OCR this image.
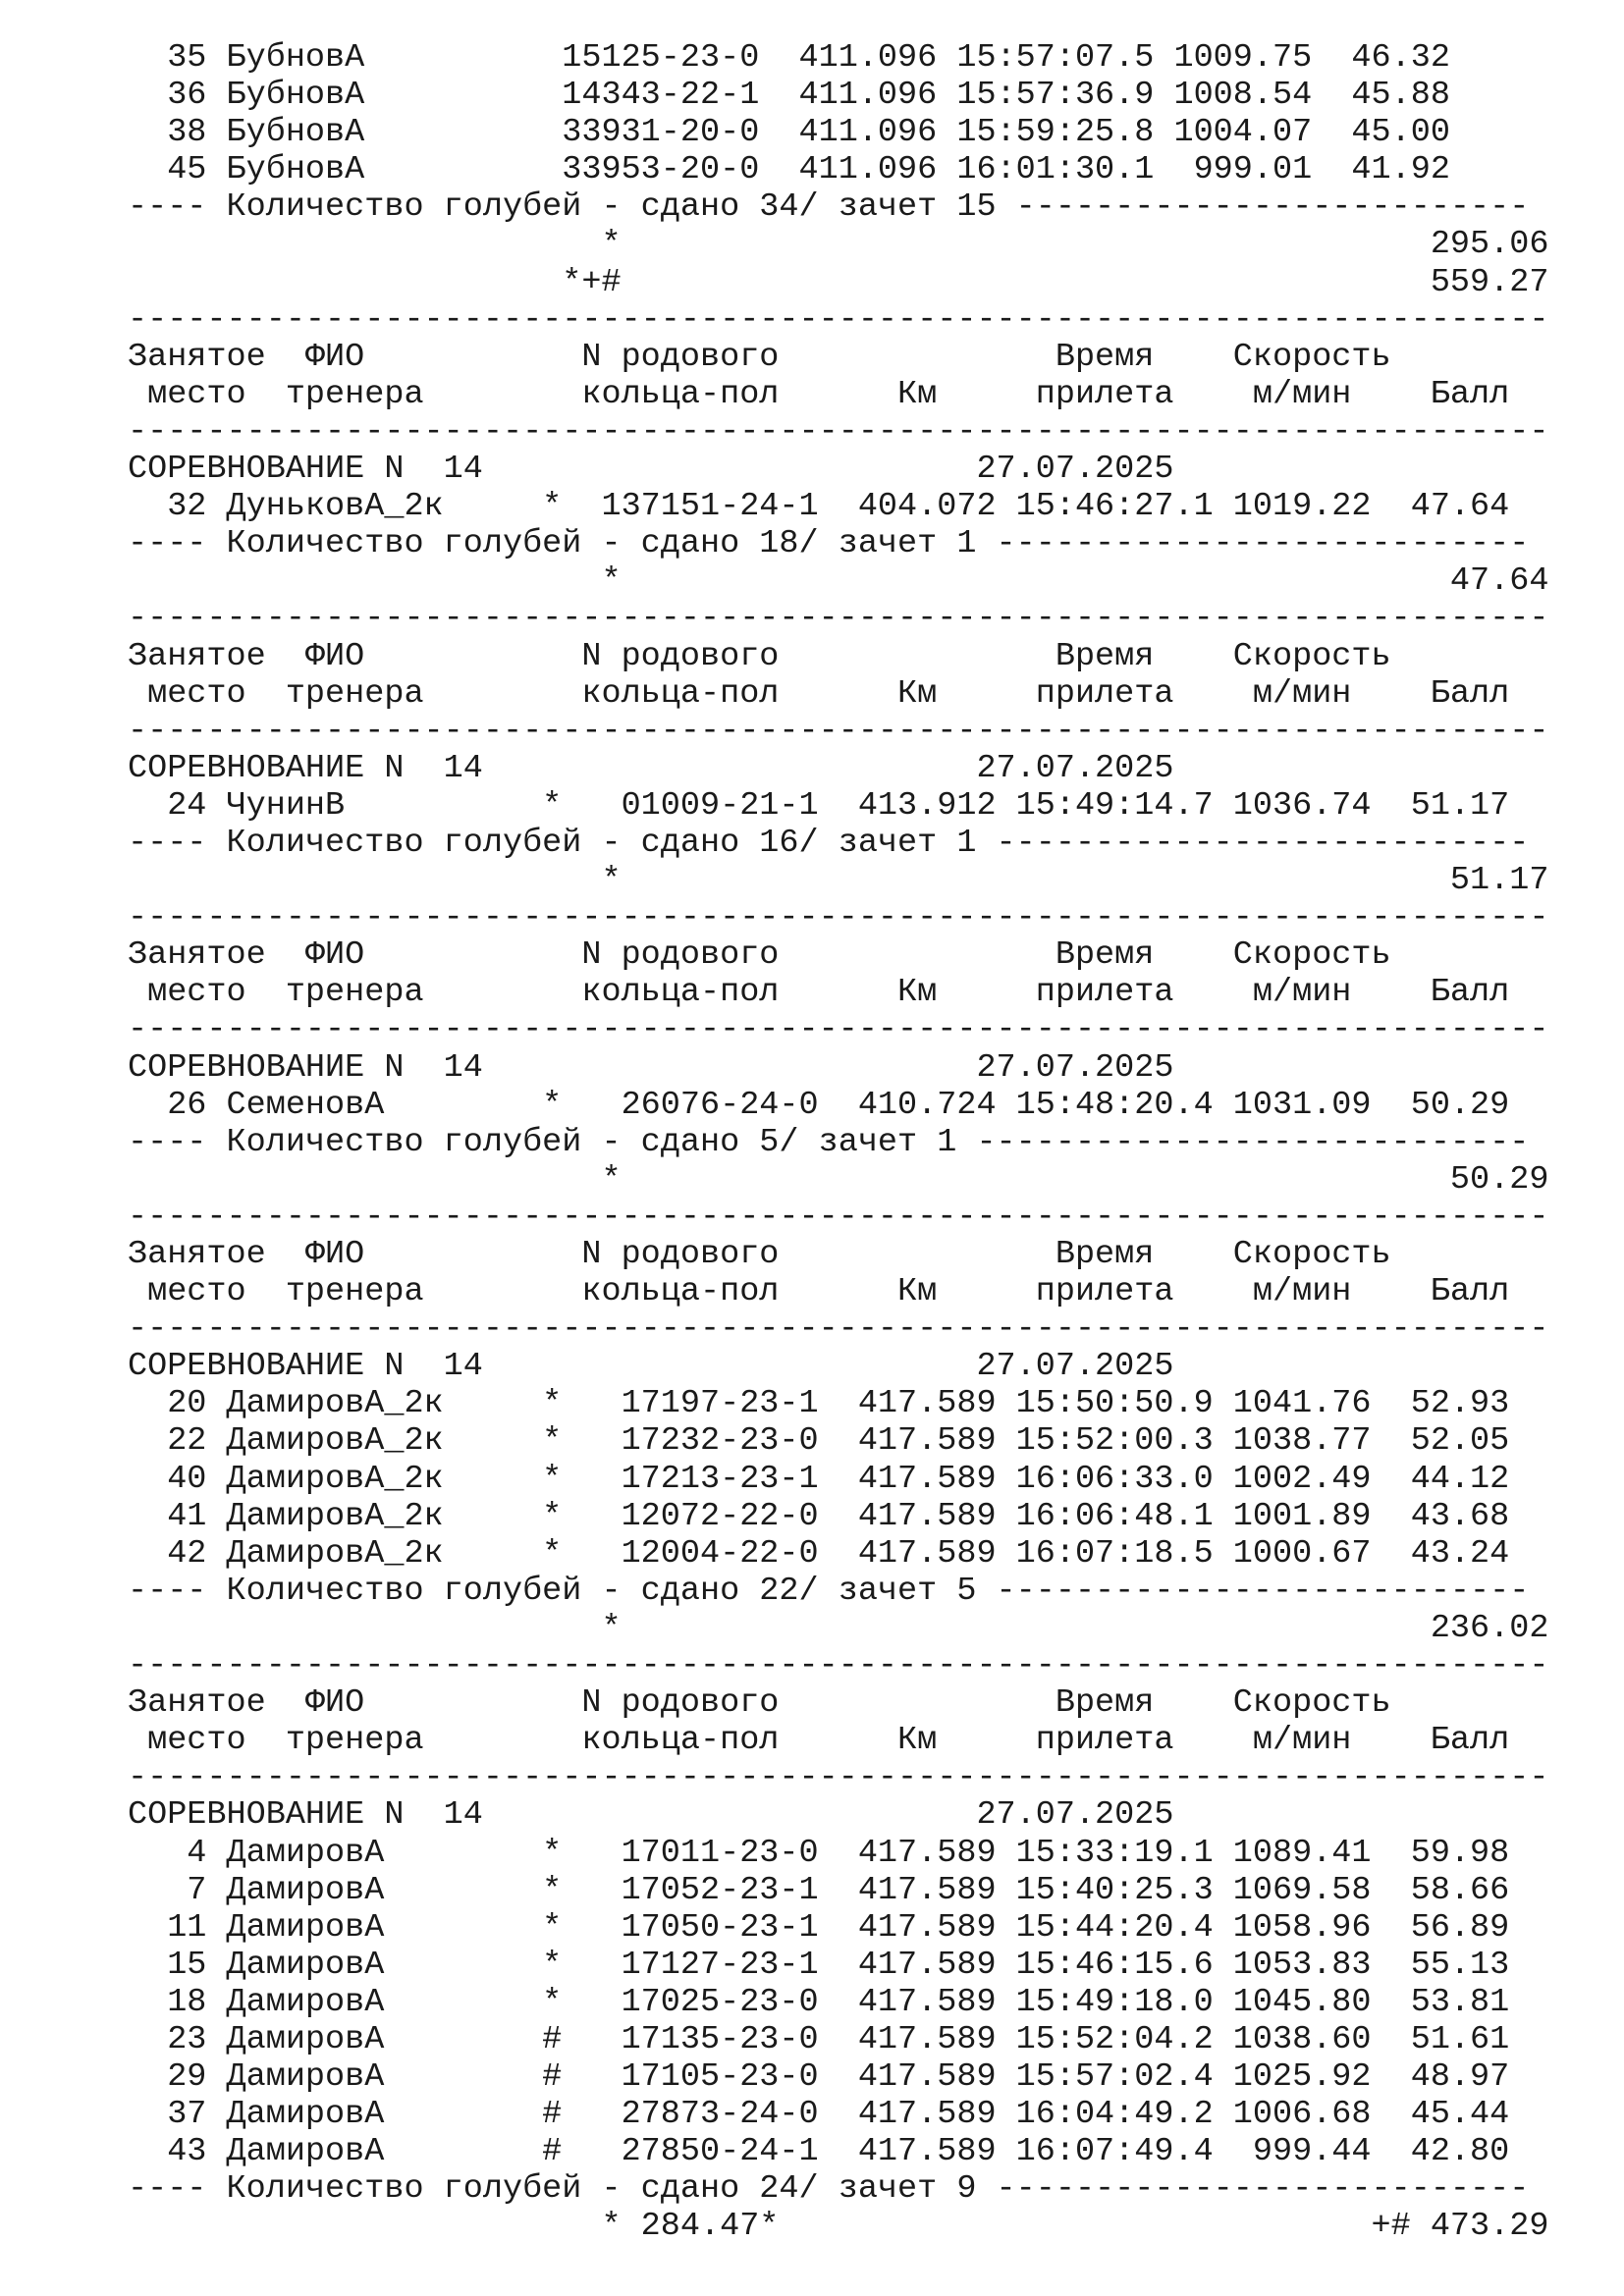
35 БубновА          15125-23-0  411.096 15:57:07.5 1009.75  46.32
36 БубновА          14343-22-1  411.096 15:57:36.9 1008.54  45.88
38 БубновА          33931-20-0  411.096 15:59:25.8 1004.07  45.00
45 БубновА          33953-20-0  411.096 16:01:30.1  999.01  41.92
---- Количество голубей - сдано 34/ зачет 15 --------------------------
*                                         295.06
*+#                                         559.27
------------------------------------------------------------------------
Занятое  ФИО           N родового              Время    Скорость
место  тренера        кольца-пол      Км     прилета    м/мин    Балл
------------------------------------------------------------------------
СОРЕВНОВАНИЕ N  14                         27.07.2025
32 ДуньковА_2к     *  137151-24-1  404.072 15:46:27.1 1019.22  47.64
---- Количество голубей - сдано 18/ зачет 1 ---------------------------
*                                          47.64
------------------------------------------------------------------------
Занятое  ФИО           N родового              Время    Скорость
место  тренера        кольца-пол      Км     прилета    м/мин    Балл
------------------------------------------------------------------------
СОРЕВНОВАНИЕ N  14                         27.07.2025
24 ЧунинВ          *   01009-21-1  413.912 15:49:14.7 1036.74  51.17
---- Количество голубей - сдано 16/ зачет 1 ---------------------------
*                                          51.17
------------------------------------------------------------------------
Занятое  ФИО           N родового              Время    Скорость
место  тренера        кольца-пол      Км     прилета    м/мин    Балл
------------------------------------------------------------------------
СОРЕВНОВАНИЕ N  14                         27.07.2025
26 СеменовА        *   26076-24-0  410.724 15:48:20.4 1031.09  50.29
---- Количество голубей - сдано 5/ зачет 1 ----------------------------
*                                          50.29
------------------------------------------------------------------------
Занятое  ФИО           N родового              Время    Скорость
место  тренера        кольца-пол      Км     прилета    м/мин    Балл
------------------------------------------------------------------------
СОРЕВНОВАНИЕ N  14                         27.07.2025
20 ДамировА_2к     *   17197-23-1  417.589 15:50:50.9 1041.76  52.93
22 ДамировА_2к     *   17232-23-0  417.589 15:52:00.3 1038.77  52.05
40 ДамировА_2к     *   17213-23-1  417.589 16:06:33.0 1002.49  44.12
41 ДамировА_2к     *   12072-22-0  417.589 16:06:48.1 1001.89  43.68
42 ДамировА_2к     *   12004-22-0  417.589 16:07:18.5 1000.67  43.24
---- Количество голубей - сдано 22/ зачет 5 ---------------------------
*                                         236.02
------------------------------------------------------------------------
Занятое  ФИО           N родового              Время    Скорость
место  тренера        кольца-пол      Км     прилета    м/мин    Балл
------------------------------------------------------------------------
СОРЕВНОВАНИЕ N  14                         27.07.2025
4 ДамировА        *   17011-23-0  417.589 15:33:19.1 1089.41  59.98
7 ДамировА        *   17052-23-1  417.589 15:40:25.3 1069.58  58.66
11 ДамировА        *   17050-23-1  417.589 15:44:20.4 1058.96  56.89
15 ДамировА        *   17127-23-1  417.589 15:46:15.6 1053.83  55.13
18 ДамировА        *   17025-23-0  417.589 15:49:18.0 1045.80  53.81
23 ДамировА        #   17135-23-0  417.589 15:52:04.2 1038.60  51.61
29 ДамировА        #   17105-23-0  417.589 15:57:02.4 1025.92  48.97
37 ДамировА        #   27873-24-0  417.589 16:04:49.2 1006.68  45.44
43 ДамировА        #   27850-24-1  417.589 16:07:49.4  999.44  42.80
---- Количество голубей - сдано 24/ зачет 9 ---------------------------
* 284.47*                              +# 473.29
